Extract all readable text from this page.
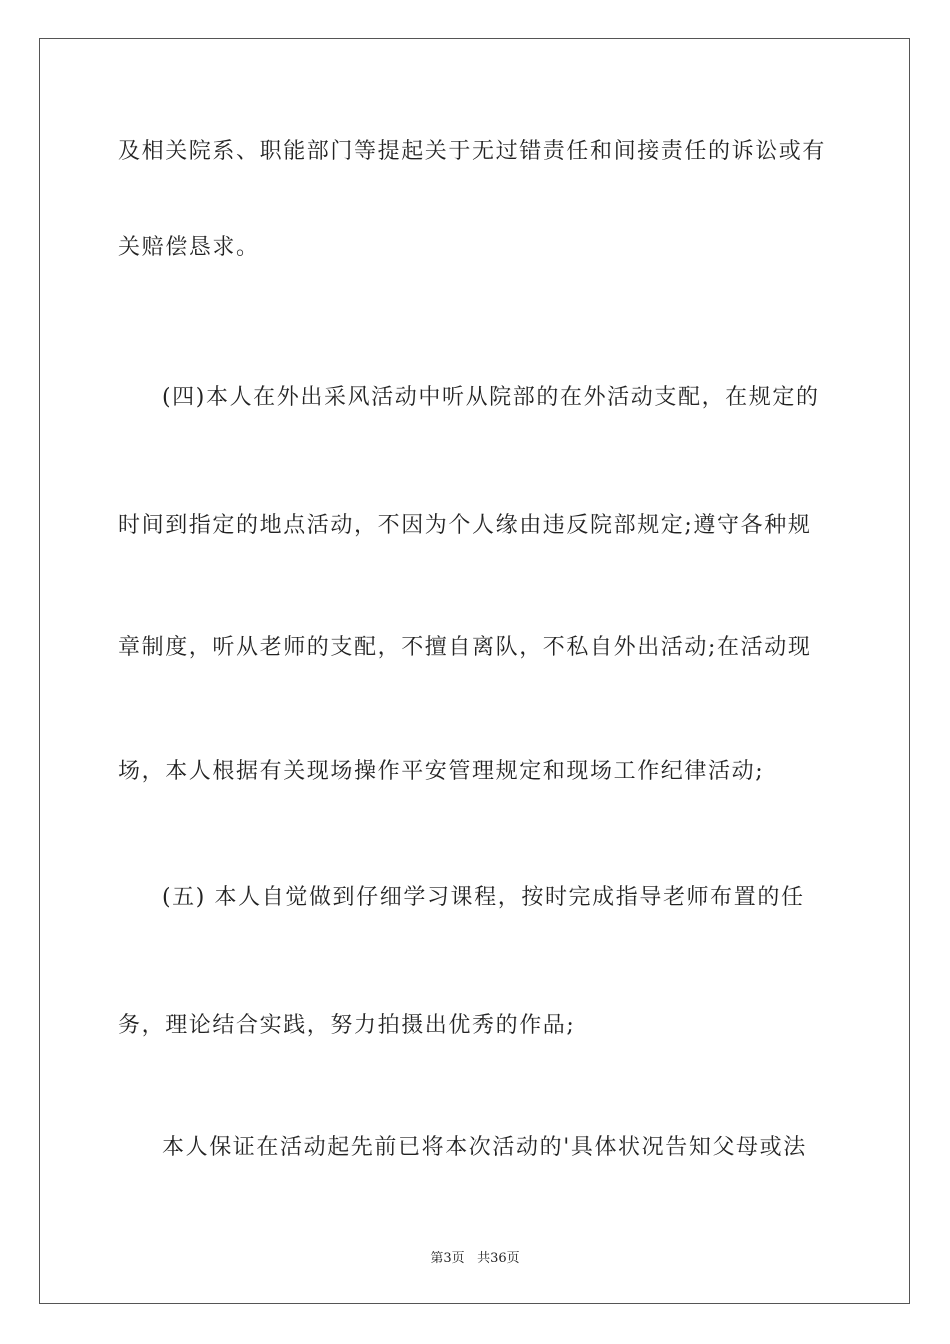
及相关院系、职能部门等提起关于无过错责任和间接责任的诉讼或有
关赔偿恳求。
(四)本人在外出采风活动中听从院部的在外活动支配，在规定的
时间到指定的地点活动，不因为个人缘由违反院部规定;遵守各种规
章制度，听从老师的支配，不擅自离队，不私自外出活动;在活动现
场，本人根据有关现场操作平安管理规定和现场工作纪律活动;
(五) 本人自觉做到仔细学习课程，按时完成指导老师布置的任
务，理论结合实践，努力拍摄出优秀的作品;
本人保证在活动起先前已将本次活动的'具体状况告知父母或法
第3页 共36页
